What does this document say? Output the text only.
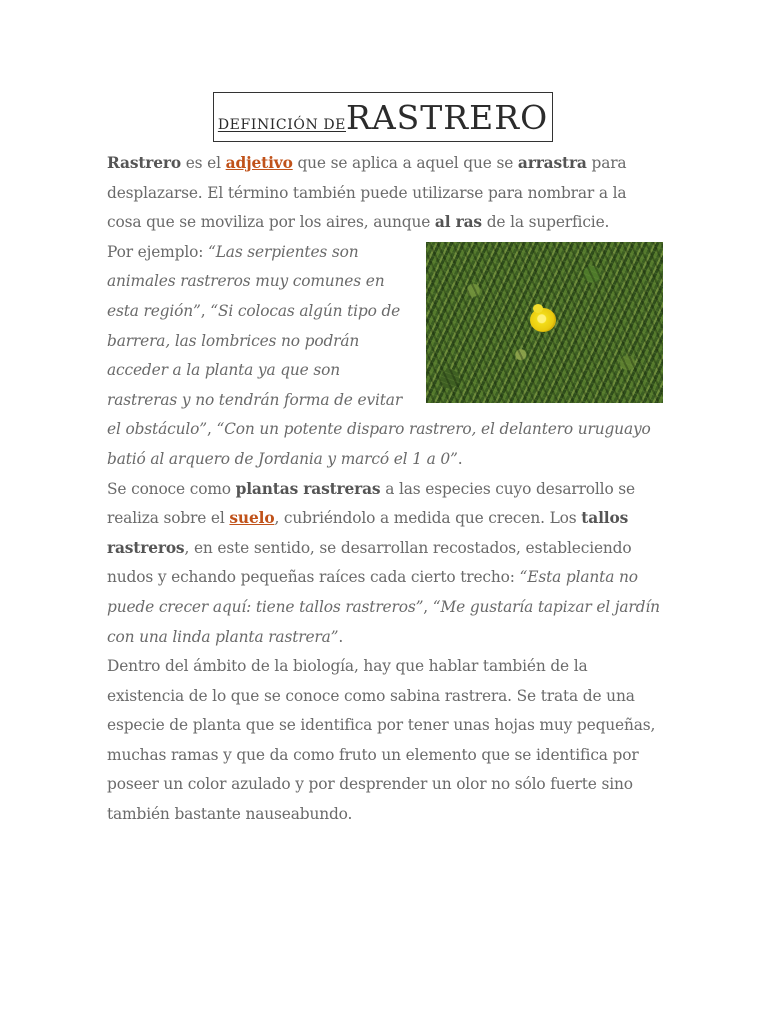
DEFINICIÓN DE RASTRERO

Rastrero es el adjetivo que se aplica a aquel que se arrastra para desplazarse. El término también puede utilizarse para nombrar a la cosa que se moviliza por los aires, aunque al ras de la superficie.

Por ejemplo: “Las serpientes son animales rastreros muy comunes en esta región”, “Si colocas algún tipo de barrera, las lombrices no podrán acceder a la planta ya que son rastreras y no tendrán forma de evitar el obstáculo”, “Con un potente disparo rastrero, el delantero uruguayo batió al arquero de Jordania y marcó el 1 a 0”.

Se conoce como plantas rastreras a las especies cuyo desarrollo se realiza sobre el suelo, cubriéndolo a medida que crecen. Los tallos rastreros, en este sentido, se desarrollan recostados, estableciendo nudos y echando pequeñas raíces cada cierto trecho: “Esta planta no puede crecer aquí: tiene tallos rastreros”, “Me gustaría tapizar el jardín con una linda planta rastrera”.

Dentro del ámbito de la biología, hay que hablar también de la existencia de lo que se conoce como sabina rastrera. Se trata de una especie de planta que se identifica por tener unas hojas muy pequeñas, muchas ramas y que da como fruto un elemento que se identifica por poseer un color azulado y por desprender un olor no sólo fuerte sino también bastante nauseabundo.
